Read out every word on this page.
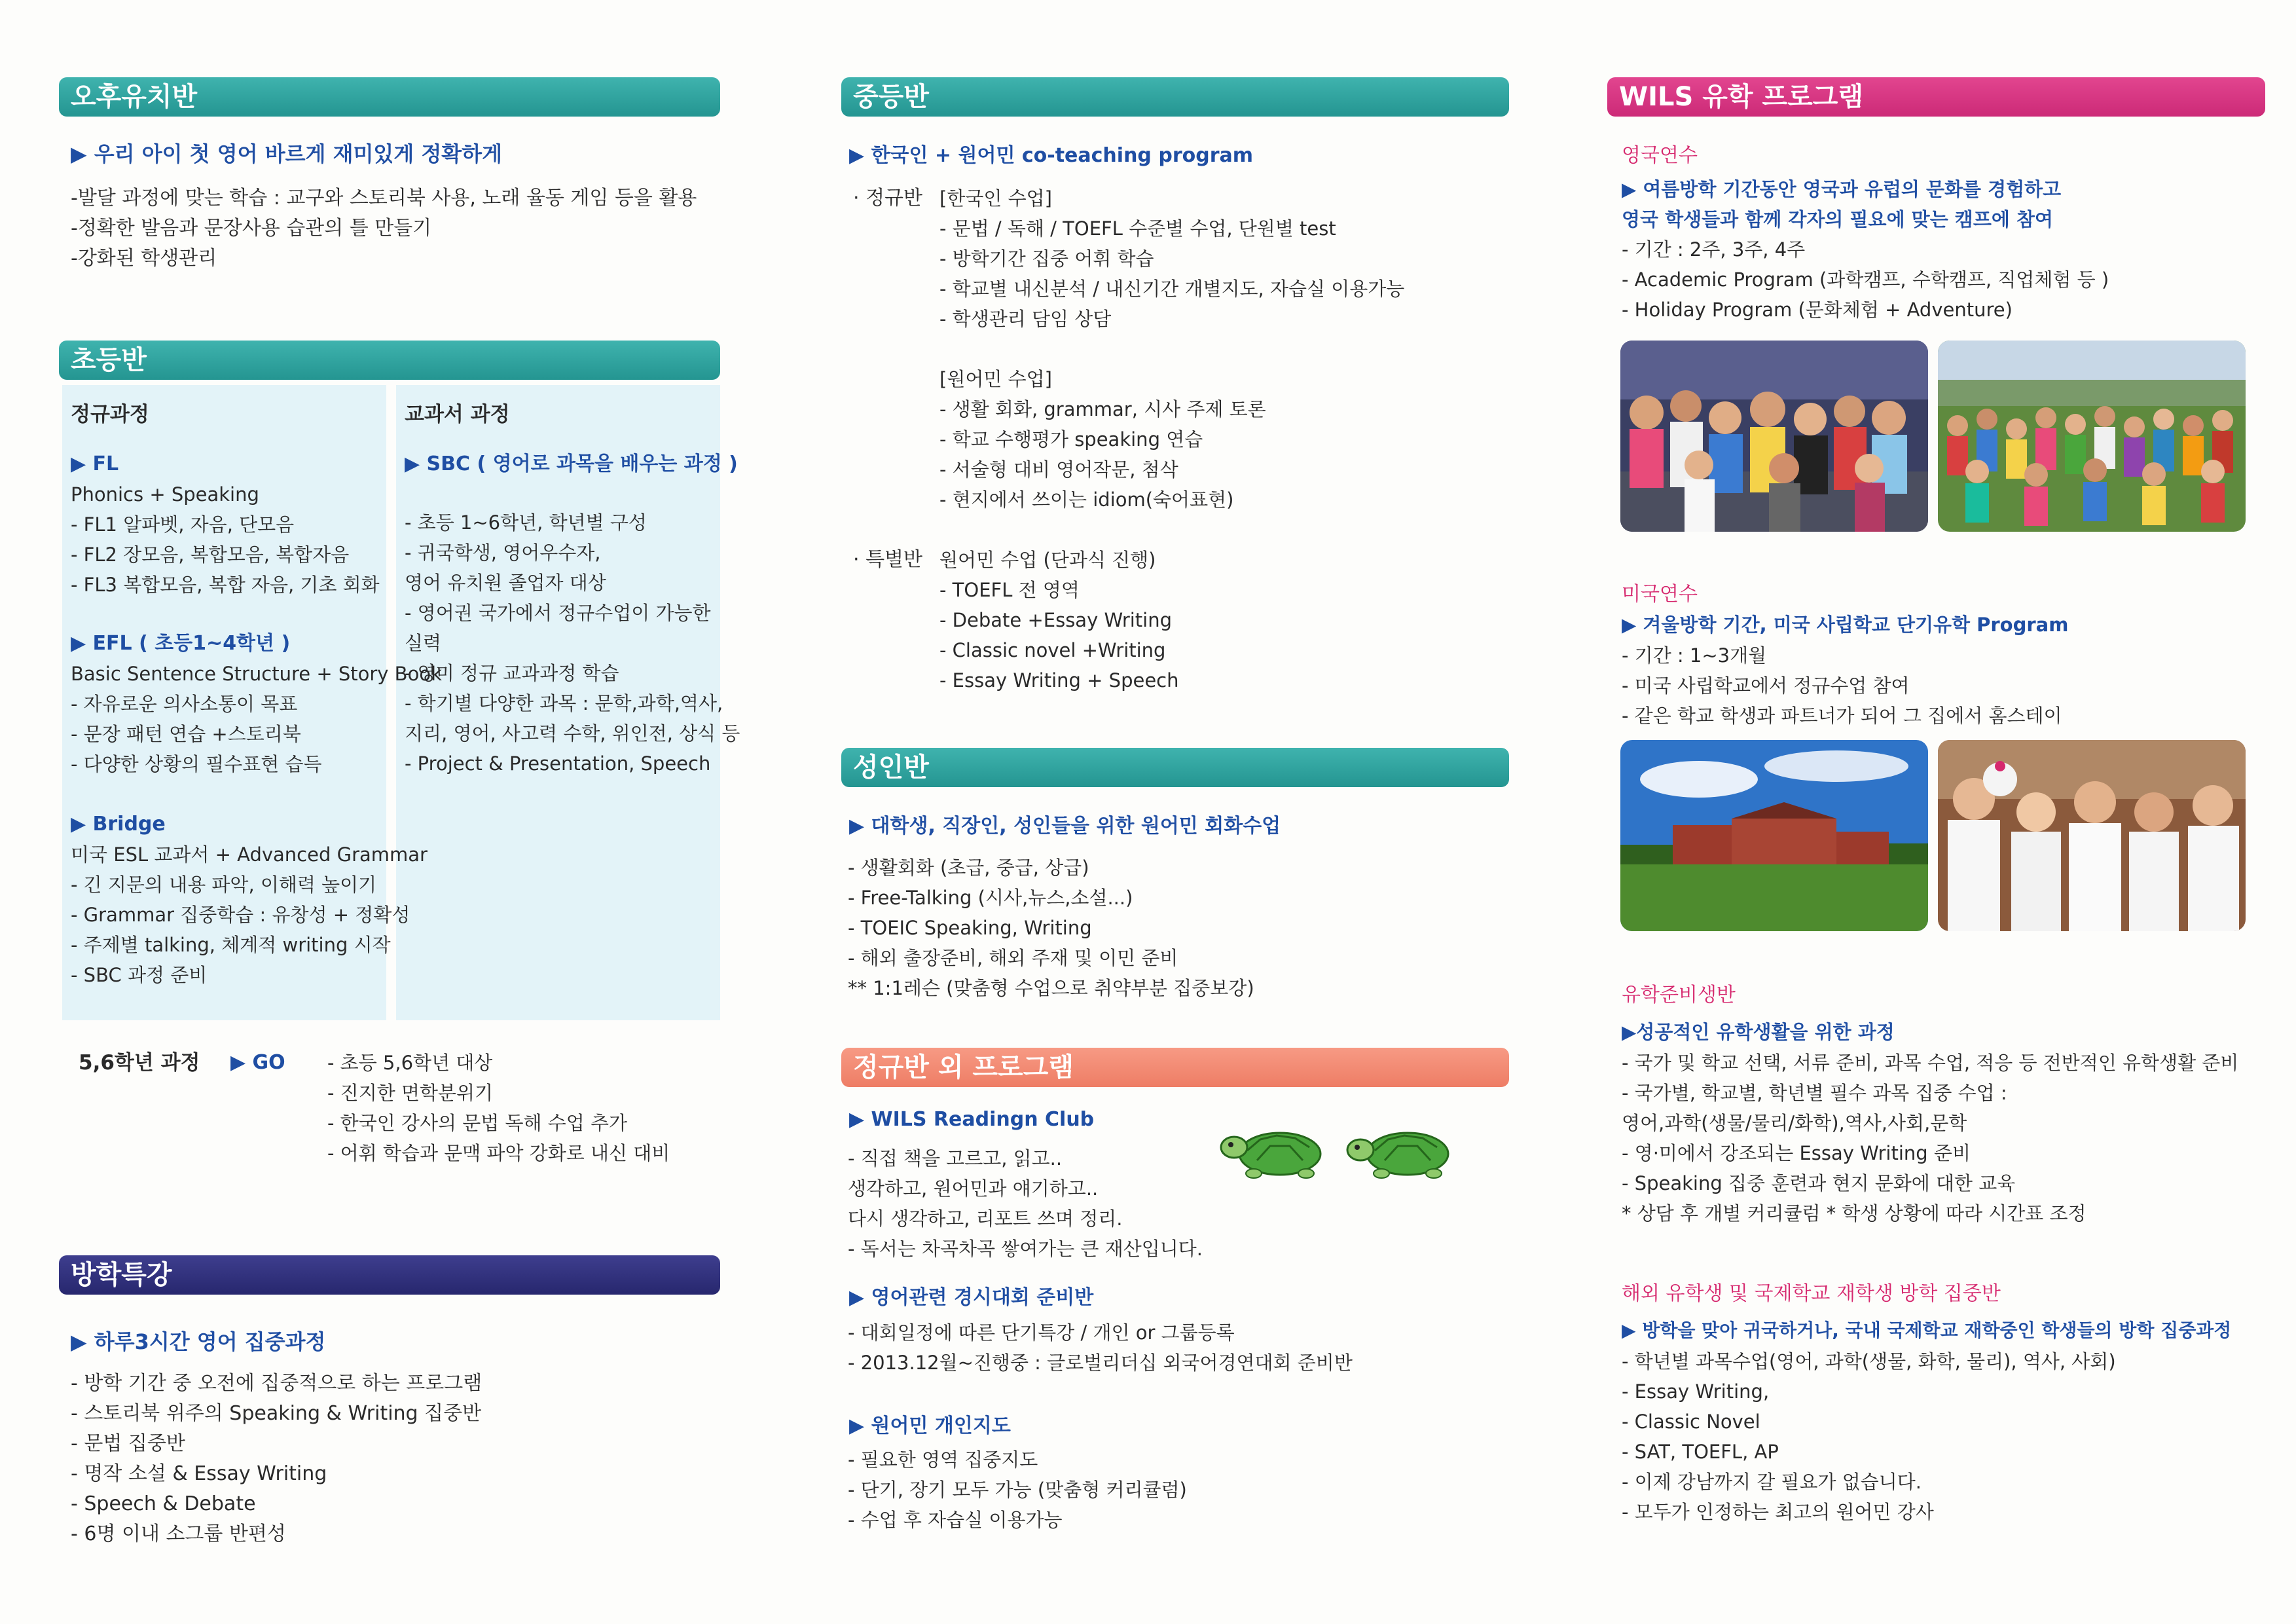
오후유치반
▶ 우리 아이 첫 영어 바르게 재미있게 정확하게
-발달 과정에 맞는 학습 : 교구와 스토리북 사용, 노래 율동 게임 등을 활용
-정확한 발음과 문장사용 습관의 틀 만들기
-강화된 학생관리
초등반
정규과정
▶ FL
Phonics + Speaking
- FL1 알파벳, 자음, 단모음
- FL2 장모음, 복합모음, 복합자음
- FL3 복합모음, 복합 자음, 기초 회화
▶ EFL ( 초등1~4학년 )
Basic Sentence Structure + Story Book
- 자유로운 의사소통이 목표
- 문장 패턴 연습 +스토리북
- 다양한 상황의 필수표현 습득
▶ Bridge
미국 ESL 교과서 + Advanced Grammar
- 긴 지문의 내용 파악, 이해력 높이기
- Grammar 집중학습 : 유창성 + 정확성
- 주제별 talking, 체계적 writing 시작
- SBC 과정 준비
교과서 과정
▶ SBC ( 영어로 과목을 배우는 과정 )
- 초등 1~6학년, 학년별 구성
- 귀국학생, 영어우수자,
영어 유치원 졸업자 대상
- 영어권 국가에서 정규수업이 가능한
실력
- 영미 정규 교과과정 학습
- 학기별 다양한 과목 : 문학,과학,역사,
지리, 영어, 사고력 수학, 위인전, 상식 등
- Project & Presentation, Speech
5,6학년 과정 ▶ GO - 초등 5,6학년 대상
- 진지한 면학분위기
- 한국인 강사의 문법 독해 수업 추가
- 어휘 학습과 문맥 파악 강화로 내신 대비
방학특강
▶ 하루3시간 영어 집중과정
- 방학 기간 중 오전에 집중적으로 하는 프로그램
- 스토리북 위주의 Speaking & Writing 집중반
- 문법 집중반
- 명작 소설 & Essay Writing
- Speech & Debate
- 6명 이내 소그룹 반편성
중등반
▶ 한국인 + 원어민 co-teaching program
· 정규반 [한국인 수업]
- 문법 / 독해 / TOEFL 수준별 수업, 단원별 test
- 방학기간 집중 어휘 학습
- 학교별 내신분석 / 내신기간 개별지도, 자습실 이용가능
- 학생관리 담임 상담
[원어민 수업]
- 생활 회화, grammar, 시사 주제 토론
- 학교 수행평가 speaking 연습
- 서술형 대비 영어작문, 첨삭
- 현지에서 쓰이는 idiom(숙어표현)
· 특별반 원어민 수업 (단과식 진행)
- TOEFL 전 영역
- Debate +Essay Writing
- Classic novel +Writing
- Essay Writing + Speech
성인반
▶ 대학생, 직장인, 성인들을 위한 원어민 회화수업
- 생활회화 (초급, 중급, 상급)
- Free-Talking (시사,뉴스,소설...)
- TOEIC Speaking, Writing
- 해외 출장준비, 해외 주재 및 이민 준비
** 1:1레슨 (맞춤형 수업으로 취약부분 집중보강)
정규반 외 프로그램
▶ WILS Readingn Club
- 직접 책을 고르고, 읽고..
생각하고, 원어민과 얘기하고..
다시 생각하고, 리포트 쓰며 정리.
- 독서는 차곡차곡 쌓여가는 큰 재산입니다.
▶ 영어관련 경시대회 준비반
- 대회일정에 따른 단기특강 / 개인 or 그룹등록
- 2013.12월~진행중 : 글로벌리더십 외국어경연대회 준비반
▶ 원어민 개인지도
- 필요한 영역 집중지도
- 단기, 장기 모두 가능 (맞춤형 커리큘럼)
- 수업 후 자습실 이용가능
WILS 유학 프로그램
영국연수
▶ 여름방학 기간동안 영국과 유럽의 문화를 경험하고
영국 학생들과 함께 각자의 필요에 맞는 캠프에 참여
- 기간 : 2주, 3주, 4주
- Academic Program (과학캠프, 수학캠프, 직업체험 등 )
- Holiday Program (문화체험 + Adventure)
미국연수
▶ 겨울방학 기간, 미국 사립학교 단기유학 Program
- 기간 : 1~3개월
- 미국 사립학교에서 정규수업 참여
- 같은 학교 학생과 파트너가 되어 그 집에서 홈스테이
유학준비생반
▶성공적인 유학생활을 위한 과정
- 국가 및 학교 선택, 서류 준비, 과목 수업, 적응 등 전반적인 유학생활 준비
- 국가별, 학교별, 학년별 필수 과목 집중 수업 :
영어,과학(생물/물리/화학),역사,사회,문학
- 영·미에서 강조되는 Essay Writing 준비
- Speaking 집중 훈련과 현지 문화에 대한 교육
* 상담 후 개별 커리큘럼 * 학생 상황에 따라 시간표 조정
해외 유학생 및 국제학교 재학생 방학 집중반
▶ 방학을 맞아 귀국하거나, 국내 국제학교 재학중인 학생들의 방학 집중과정
- 학년별 과목수업(영어, 과학(생물, 화학, 물리), 역사, 사회)
- Essay Writing,
- Classic Novel
- SAT, TOEFL, AP
- 이제 강남까지 갈 필요가 없습니다.
- 모두가 인정하는 최고의 원어민 강사
